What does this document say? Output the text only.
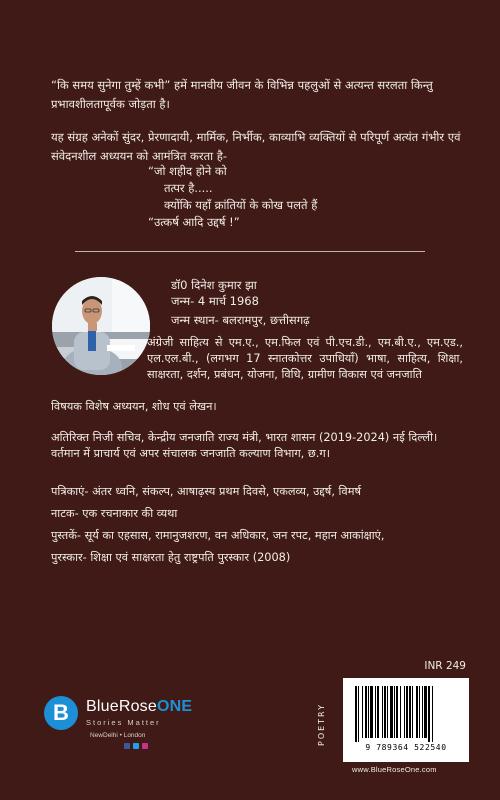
“कि समय सुनेगा तुम्हें कभी” हमें मानवीय जीवन के विभिन्न पहलुओं से अत्यन्त सरलता किन्तु प्रभावशीलतापूर्वक जोड़ता है।

यह संग्रह अनेकों सुंदर, प्रेरणादायी, मार्मिक, निर्भीक, काव्याभि व्यक्तियों से परिपूर्ण अत्यंत गंभीर एवं संवेदनशील अध्ययन को आमंत्रित करता है-

“जो शहीद होने को
तत्पर है.....
क्योंकि यहाँ क्रांतियों के कोख पलते हैं
“उत्कर्ष आदि उद्दर्ष !”
डॉ0 दिनेश कुमार झा
जन्म- 4 मार्च 1968
जन्म स्थान- बलरामपुर, छत्तीसगढ़
अंग्रेजी साहित्य से एम.ए., एम.फिल एवं पी.एच.डी., एम.बी.ए., एम.एड., एल.एल.बी., (लगभग 17 स्नातकोत्तर उपाधियाँ) भाषा, साहित्य, शिक्षा, साक्षरता, दर्शन, प्रबंधन, योजना, विधि, ग्रामीण विकास एवं जनजाति
विषयक विशेष अध्ययन, शोध एवं लेखन।
अतिरिक्त निजी सचिव, केन्द्रीय जनजाति राज्य मंत्री, भारत शासन (2019-2024) नई दिल्ली। वर्तमान में प्राचार्य एवं अपर संचालक जनजाति कल्याण विभाग, छ.ग।
पत्रिकाएं- अंतर ध्वनि, संकल्प, आषाढ़स्य प्रथम दिवसे, एकलव्य, उद्दर्ष, विमर्ष
नाटक- एक रचनाकार की व्यथा
पुस्तकें- सूर्य का एहसास, रामानुजशरण, वन अधिकार, जन रपट, महान आकांक्षाएं,
पुरस्कार- शिक्षा एवं साक्षरता हेतु राष्ट्रपति पुरस्कार (2008)
INR 249
B	BlueRoseONE
Stories Matter
NewDelhi • London	POETRY
9 789364 522540
www.BlueRoseOne.com
